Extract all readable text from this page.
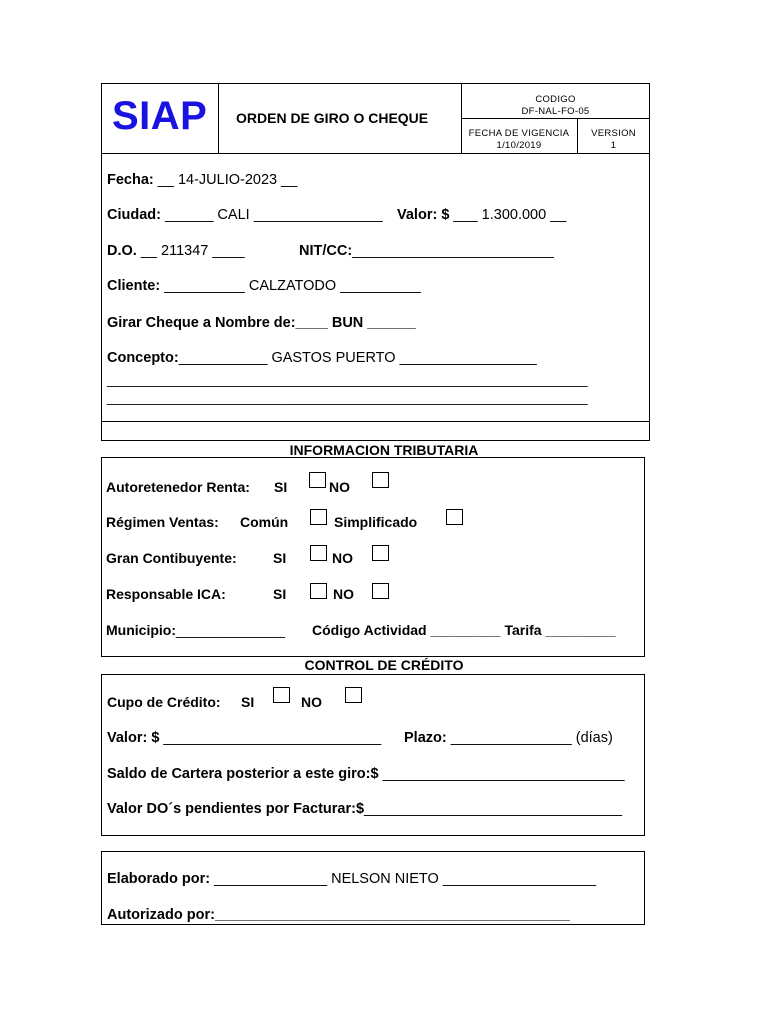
SIAP ORDEN DE GIRO O CHEQUE
CODIGO
DF-NAL-FO-05
FECHA DE VIGENCIA
1/10/2019
VERSION
1
Fecha: __ 14-JULIO-2023 __
Ciudad: ______ CALI ________________ Valor: $ ___ 1.300.000 __
D.O. __ 211347 ____	NIT/CC:_________________________
Cliente: __________ CALZATODO __________
Girar Cheque a Nombre de:____ BUN ______
Concepto:___________ GASTOS PUERTO _________________
________________________________________________________________
________________________________________________________________
INFORMACION TRIBUTARIA
Autoretenedor Renta: SI	NO
Régimen Ventas: Común	Simplificado
Gran Contibuyente:	SI	NO
Responsable ICA:	SI	NO
Municipio:______________ Código Actividad _________ Tarifa _________
CONTROL DE CRÉDITO
Cupo de Crédito: SI	NO
Valor: $ ___________________________ Plazo: _______________ (días)
Saldo de Cartera posterior a este giro:$ ______________________________
Valor DO´s pendientes por Facturar:$________________________________
Elaborado por: ______________ NELSON NIETO ___________________
Autorizado por:____________________________________________
